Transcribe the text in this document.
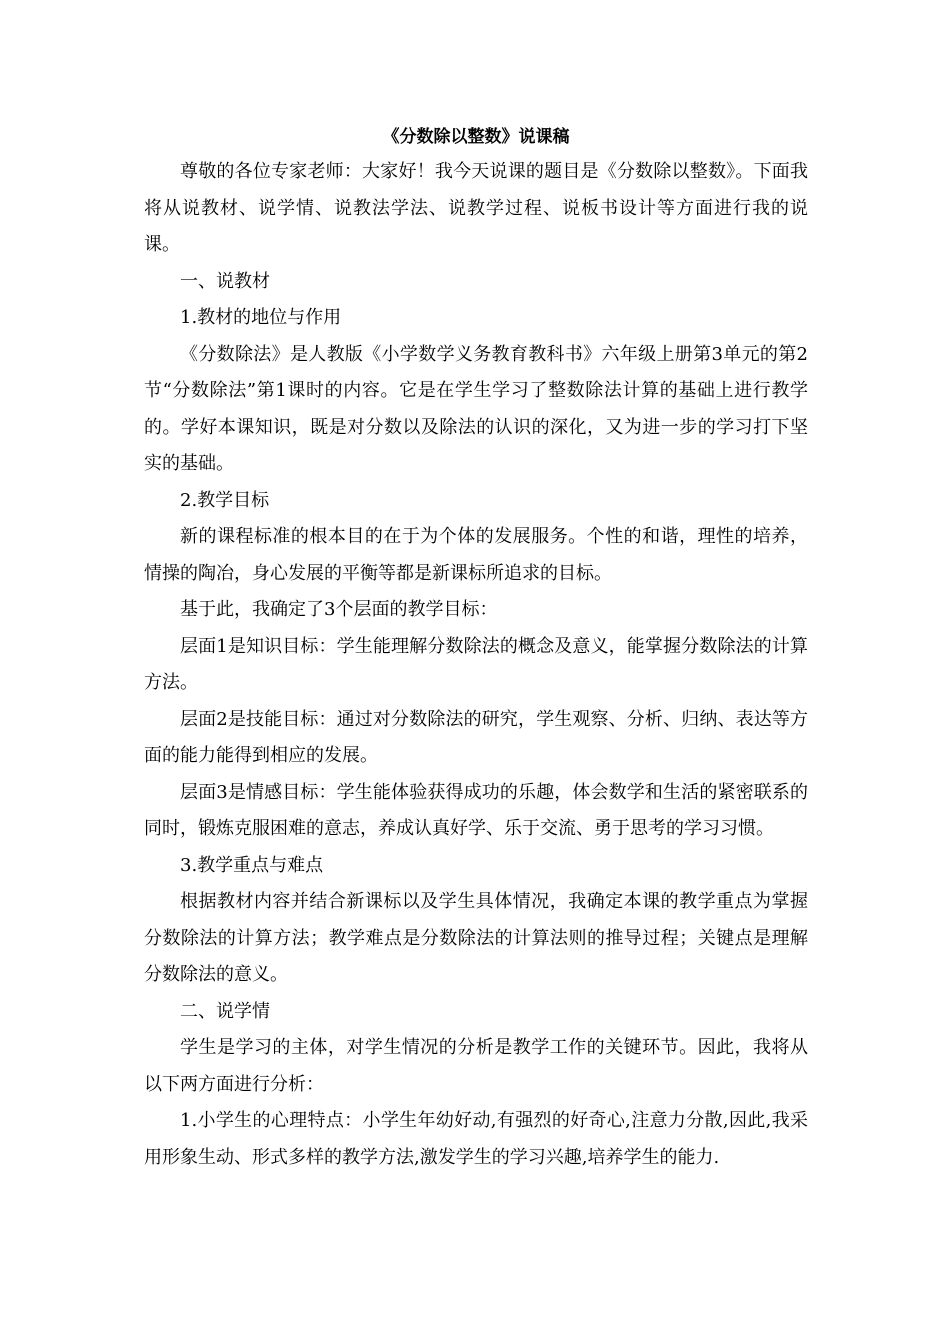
《分数除以整数》说课稿

尊敬的各位专家老师：大家好！我今天说课的题目是《分数除以整数》。下面我将从说教材、说学情、说教法学法、说教学过程、说板书设计等方面进行我的说课。

一、说教材

1.教材的地位与作用

《分数除法》是人教版《小学数学义务教育教科书》六年级上册第3单元的第2节“分数除法”第1课时的内容。它是在学生学习了整数除法计算的基础上进行教学的。学好本课知识，既是对分数以及除法的认识的深化，又为进一步的学习打下坚实的基础。

2.教学目标

新的课程标准的根本目的在于为个体的发展服务。个性的和谐，理性的培养，情操的陶冶，身心发展的平衡等都是新课标所追求的目标。

基于此，我确定了3个层面的教学目标：

层面1是知识目标：学生能理解分数除法的概念及意义，能掌握分数除法的计算方法。

层面2是技能目标：通过对分数除法的研究，学生观察、分析、归纳、表达等方面的能力能得到相应的发展。

层面3是情感目标：学生能体验获得成功的乐趣，体会数学和生活的紧密联系的同时，锻炼克服困难的意志，养成认真好学、乐于交流、勇于思考的学习习惯。

3.教学重点与难点

根据教材内容并结合新课标以及学生具体情况，我确定本课的教学重点为掌握分数除法的计算方法；教学难点是分数除法的计算法则的推导过程；关键点是理解分数除法的意义。

二、说学情

学生是学习的主体，对学生情况的分析是教学工作的关键环节。因此，我将从以下两方面进行分析：

1.小学生的心理特点：小学生年幼好动,有强烈的好奇心,注意力分散,因此,我采用形象生动、形式多样的教学方法,激发学生的学习兴趣,培养学生的能力.
